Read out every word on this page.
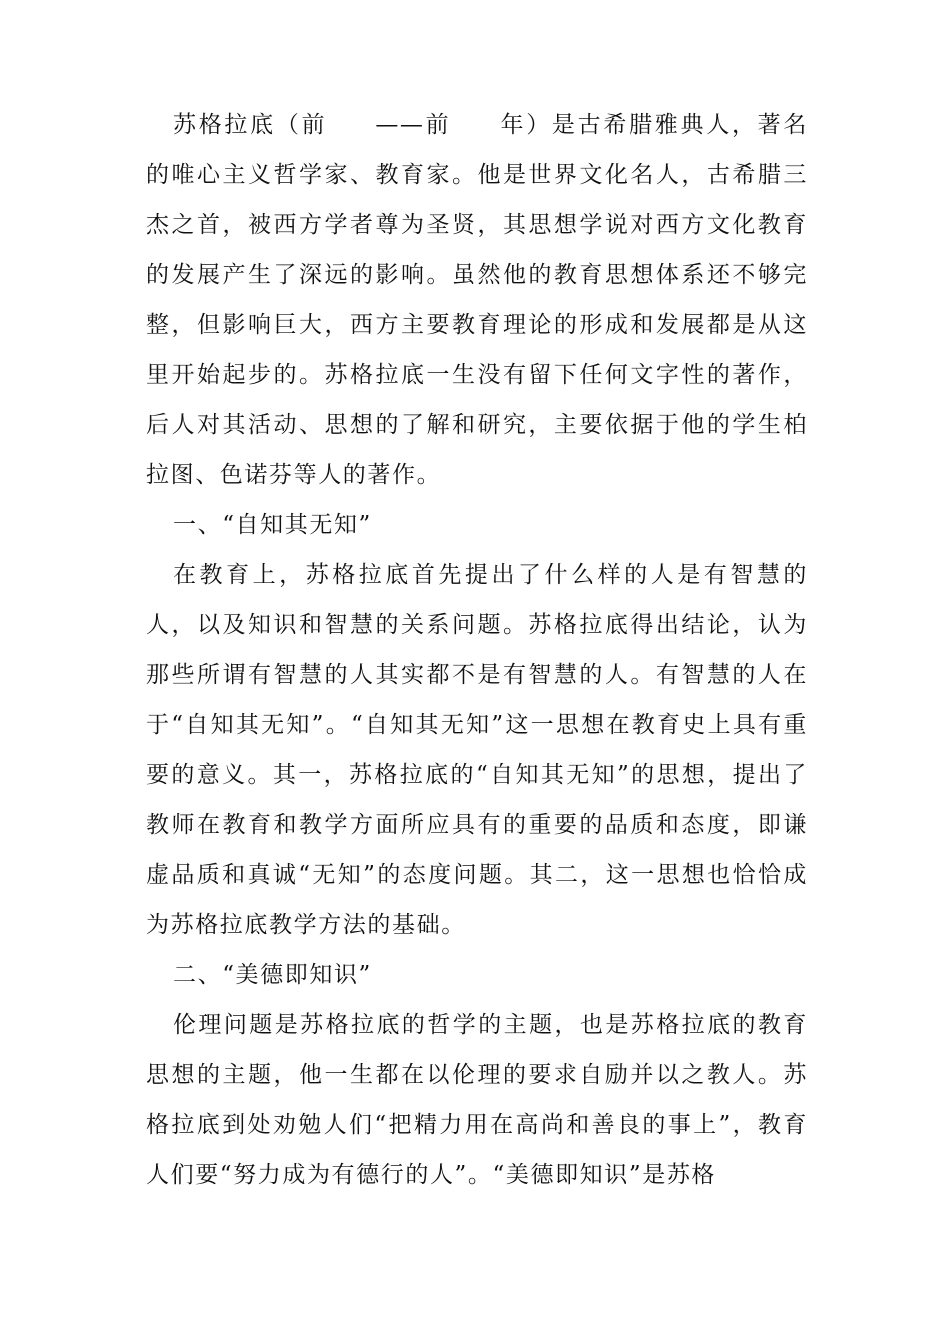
苏格拉底（前 ——前 年）是古希腊雅典人，著名的唯心主义哲学家、教育家。他是世界文化名人，古希腊三杰之首，被西方学者尊为圣贤，其思想学说对西方文化教育的发展产生了深远的影响。虽然他的教育思想体系还不够完整，但影响巨大，西方主要教育理论的形成和发展都是从这里开始起步的。苏格拉底一生没有留下任何文字性的著作，后人对其活动、思想的了解和研究，主要依据于他的学生柏拉图、色诺芬等人的著作。

一、“自知其无知”

在教育上，苏格拉底首先提出了什么样的人是有智慧的人，以及知识和智慧的关系问题。苏格拉底得出结论，认为那些所谓有智慧的人其实都不是有智慧的人。有智慧的人在于“自知其无知”。“自知其无知”这一思想在教育史上具有重要的意义。其一，苏格拉底的“自知其无知”的思想，提出了教师在教育和教学方面所应具有的重要的品质和态度，即谦虚品质和真诚“无知”的态度问题。其二，这一思想也恰恰成为苏格拉底教学方法的基础。

二、“美德即知识”

伦理问题是苏格拉底的哲学的主题，也是苏格拉底的教育思想的主题，他一生都在以伦理的要求自励并以之教人。苏格拉底到处劝勉人们“把精力用在高尚和善良的事上”，教育人们要“努力成为有德行的人”。“美德即知识”是苏格
